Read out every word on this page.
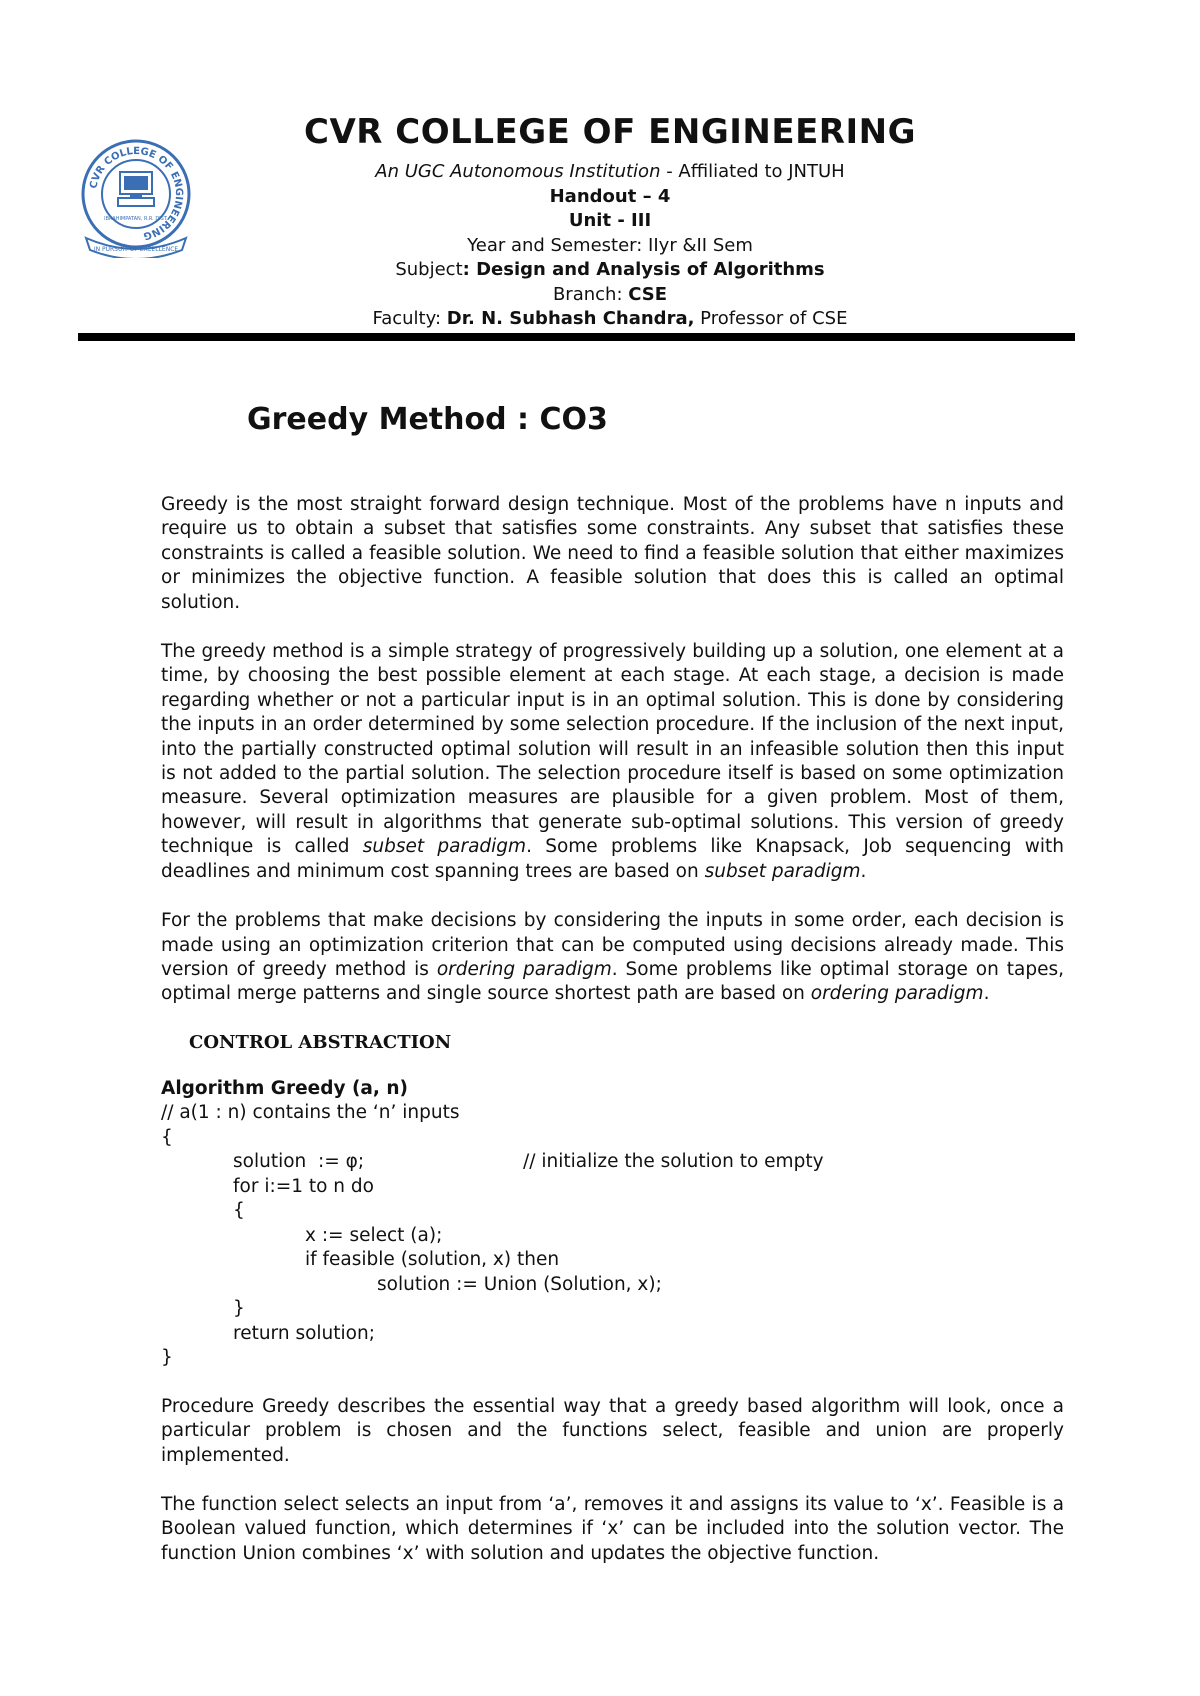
CVR COLLEGE OF ENGINEERING
IBRAHIMPATAN, R.R. DIST.
IN PURSUIT OF EXCELLENCE
CVR COLLEGE OF ENGINEERING
An UGC Autonomous Institution - Affiliated to JNTUH
Handout – 4
Unit - III
Year and Semester: IIyr &II Sem
Subject: Design and Analysis of Algorithms
Branch: CSE
Faculty: Dr. N. Subhash Chandra, Professor of CSE
Greedy Method : CO3

Greedy is the most straight forward design technique. Most of the problems have n inputs and require us to obtain a subset that satisfies some constraints. Any subset that satisfies these constraints is called a feasible solution. We need to find a feasible solution that either maximizes or minimizes the objective function. A feasible solution that does this is called an optimal solution.

The greedy method is a simple strategy of progressively building up a solution, one element at a time, by choosing the best possible element at each stage. At each stage, a decision is made regarding whether or not a particular input is in an optimal solution. This is done by considering the inputs in an order determined by some selection procedure. If the inclusion of the next input, into the partially constructed optimal solution will result in an infeasible solution then this input is not added to the partial solution. The selection procedure itself is based on some optimization measure. Several optimization measures are plausible for a given problem. Most of them, however, will result in algorithms that generate sub-optimal solutions. This version of greedy technique is called subset paradigm. Some problems like Knapsack, Job sequencing with deadlines and minimum cost spanning trees are based on subset paradigm.

For the problems that make decisions by considering the inputs in some order, each decision is made using an optimization criterion that can be computed using decisions already made. This version of greedy method is ordering paradigm. Some problems like optimal storage on tapes, optimal merge patterns and single source shortest path are based on ordering paradigm.

CONTROL ABSTRACTION
Algorithm Greedy (a, n)
// a(1 : n) contains the ‘n’ inputs
{
solution  := φ;	// initialize the solution to empty
for i:=1 to n do
{
x := select (a);
if feasible (solution, x) then
solution := Union (Solution, x);
}
return solution;
}

Procedure Greedy describes the essential way that a greedy based algorithm will look, once a particular problem is chosen and the functions select, feasible and union are properly implemented.

The function select selects an input from ‘a’, removes it and assigns its value to ‘x’. Feasible is a Boolean valued function, which determines if ‘x’ can be included into the solution vector. The function Union combines ‘x’ with solution and updates the objective function.
